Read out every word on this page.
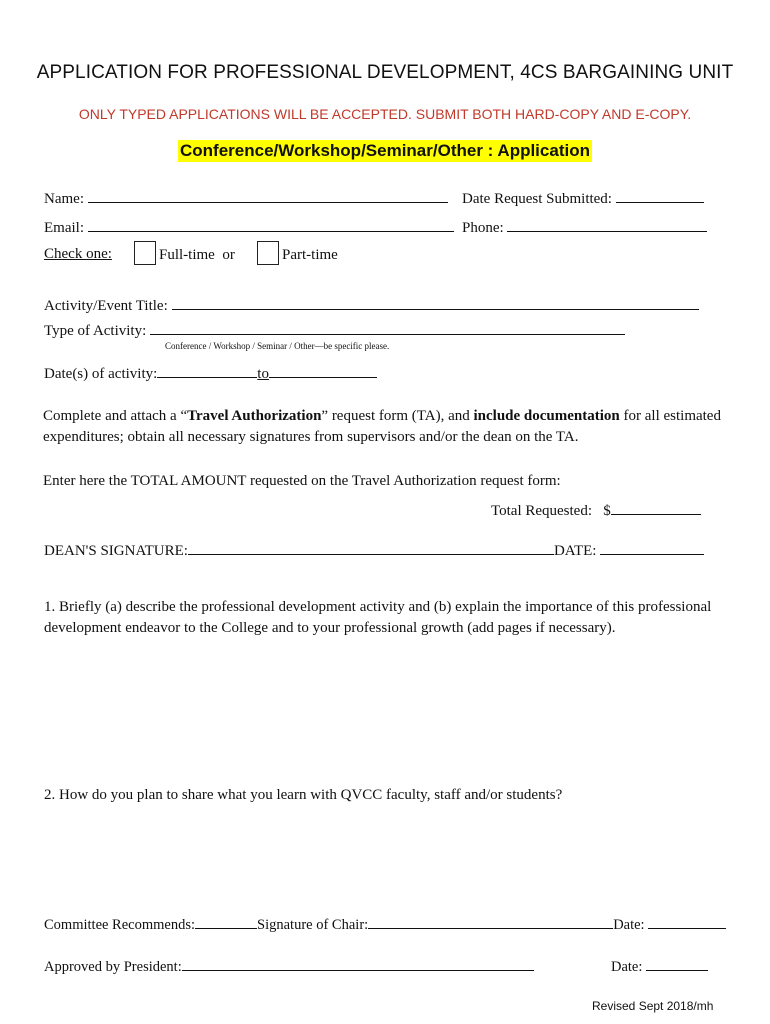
APPLICATION FOR PROFESSIONAL DEVELOPMENT, 4CS BARGAINING UNIT
ONLY TYPED APPLICATIONS WILL BE ACCEPTED. SUBMIT BOTH HARD-COPY AND E-COPY.
Conference/Workshop/Seminar/Other : Application
Name:	Date Request Submitted:
Email:	Phone:
Check one:	Full-time or	Part-time
Activity/Event Title:
Type of Activity:
Conference / Workshop / Seminar / Other—be specific please.
Date(s) of activity:	to
Complete and attach a “Travel Authorization” request form (TA), and include documentation for all estimated expenditures; obtain all necessary signatures from supervisors and/or the dean on the TA.
Enter here the TOTAL AMOUNT requested on the Travel Authorization request form:
Total Requested: $
DEAN'S SIGNATURE:	DATE:
1. Briefly (a) describe the professional development activity and (b) explain the importance of this professional development endeavor to the College and to your professional growth (add pages if necessary).
2. How do you plan to share what you learn with QVCC faculty, staff and/or students?
Committee Recommends:	Signature of Chair:	Date:
Approved by President:	Date:
Revised Sept 2018/mh
